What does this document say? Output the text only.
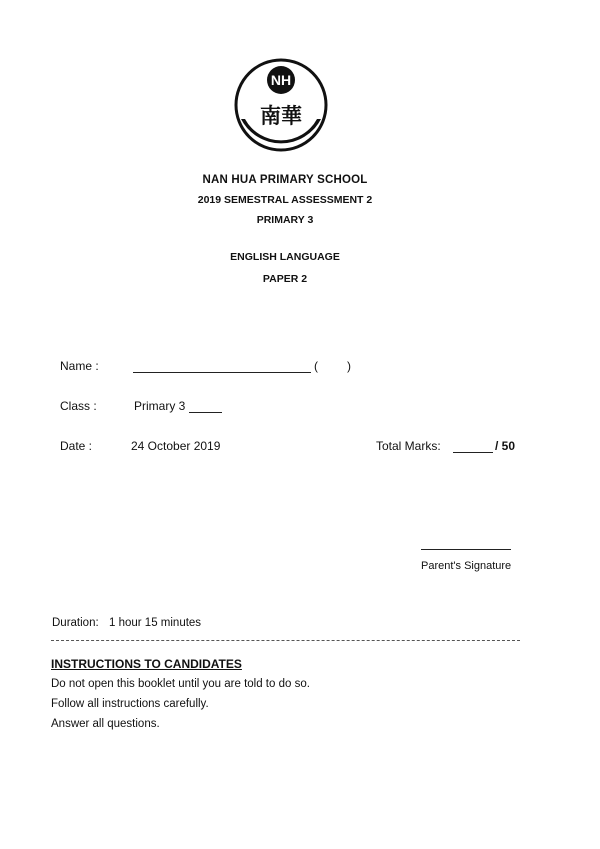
NH
南華
NAN HUA PRIMARY SCHOOL
2019 SEMESTRAL ASSESSMENT 2
PRIMARY 3
ENGLISH LANGUAGE
PAPER 2
Name :	( )
Class :	Primary 3
Date :	24 October 2019	Total Marks:	/ 50
Parent's Signature
Duration: 1 hour 15 minutes
INSTRUCTIONS TO CANDIDATES
Do not open this booklet until you are told to do so.
Follow all instructions carefully.
Answer all questions.
